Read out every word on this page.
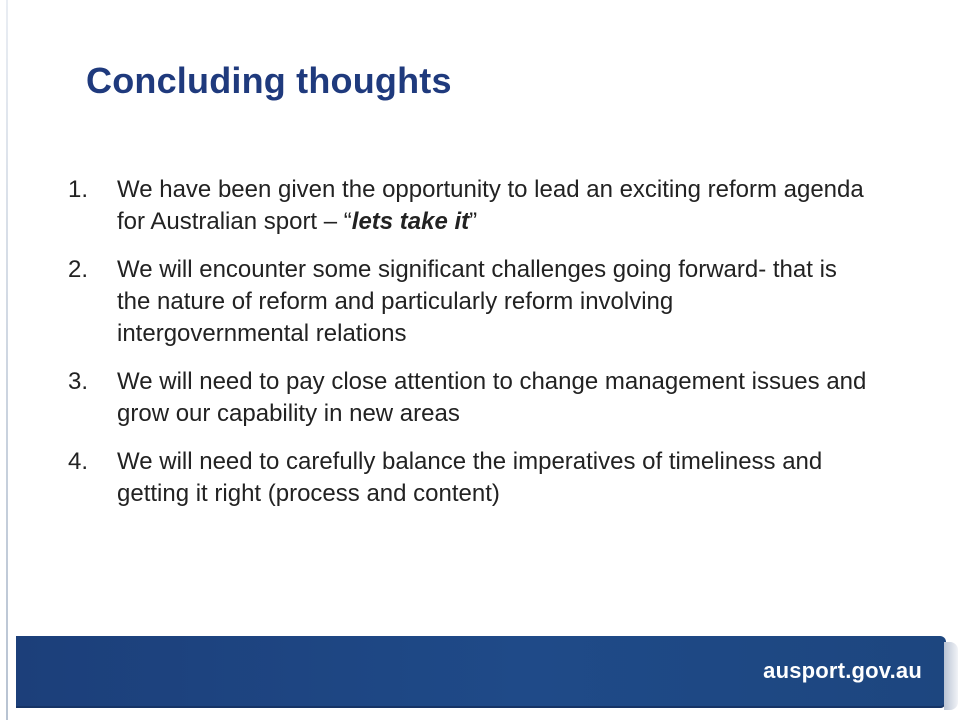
Concluding thoughts
1.	We have been given the opportunity to lead an exciting reform agenda for Australian sport – “lets take it”
2.	We will encounter some significant challenges going forward- that is the nature of reform and particularly reform involving intergovernmental relations
3.	We will need to pay close attention to change management issues and grow our capability in new areas
4.	We will need to carefully balance the imperatives of timeliness and getting it right (process and content)
ausport.gov.au
